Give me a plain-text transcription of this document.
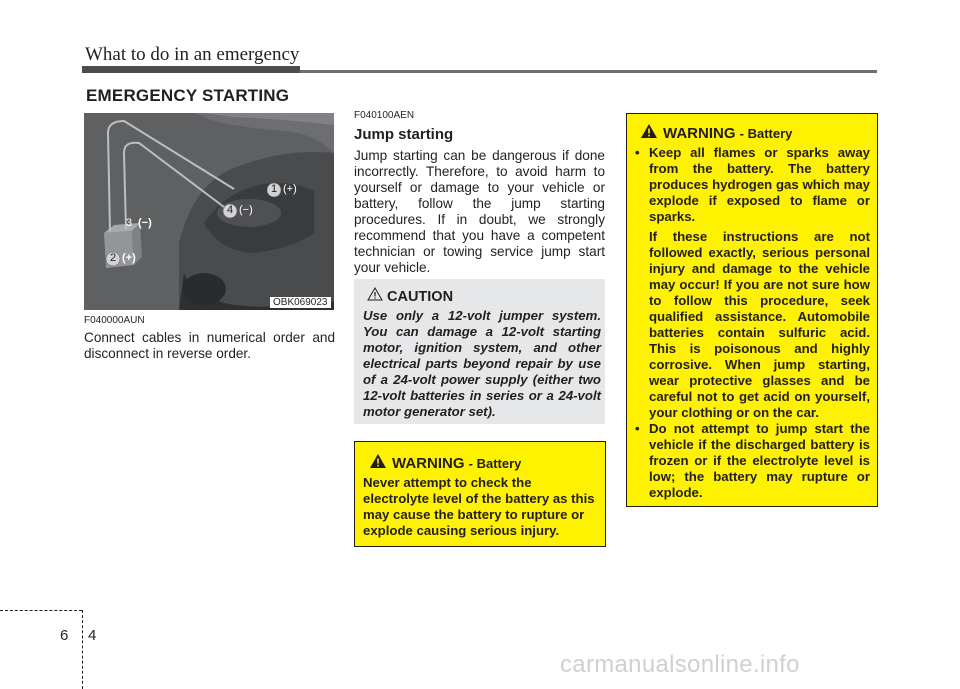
What to do in an emergency
EMERGENCY STARTING
1 (+)
4 (−)
3 (−)
2 (+)
OBK069023
F040000AUN
Connect cables in numerical order and disconnect in reverse order.
F040100AEN
Jump starting
Jump starting can be dangerous if done incorrectly. Therefore, to avoid harm to yourself or damage to your vehicle or battery, follow the jump starting procedures. If in doubt, we strongly recommend that you have a competent technician or towing service jump start your vehicle.
CAUTION
Use only a 12-volt jumper system. You can damage a 12-volt starting motor, ignition system, and other electrical parts beyond repair by use of a 24-volt power supply (either two 12-volt batteries in series or a 24-volt motor generator set).
WARNING - Battery
Never attempt to check the electrolyte level of the battery as this may cause the battery to rupture or explode causing serious injury.
WARNING - Battery
• Keep all flames or sparks away from the battery. The battery produces hydrogen gas which may explode if exposed to flame or sparks.
If these instructions are not followed exactly, serious personal injury and damage to the vehicle may occur! If you are not sure how to follow this procedure, seek qualified assistance. Automobile batteries contain sulfuric acid. This is poisonous and highly corrosive. When jump starting, wear protective glasses and be careful not to get acid on yourself, your clothing or on the car.
• Do not attempt to jump start the vehicle if the discharged battery is frozen or if the electrolyte level is low; the battery may rupture or explode.
6 4
carmanualsonline.info
